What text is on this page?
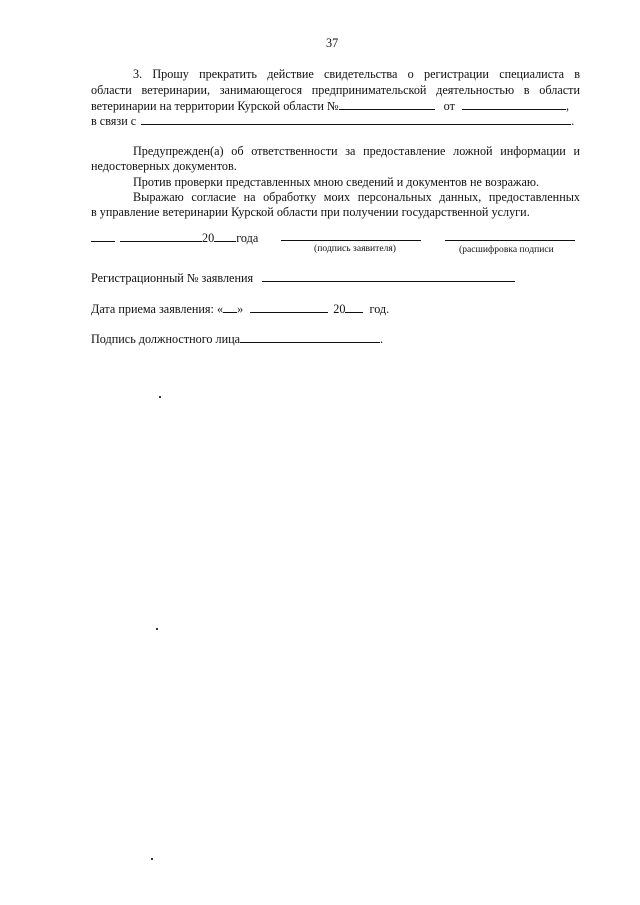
37
3. Прошу прекратить действие свидетельства о регистрации специалиста в
области ветеринарии, занимающегося предпринимательской деятельностью в области
ветеринарии на территории Курской области №	от	,
в связи с	.
Предупрежден(а) об ответственности за предоставление ложной информации и
недостоверных документов.
Против проверки представленных мною сведений и документов не возражаю.
Выражаю согласие на обработку моих персональных данных, предоставленных
в управление ветеринарии Курской области при получении государственной услуги.
20 года
(подпись заявителя)	(расшифровка подписи
Регистрационный № заявления
Дата приема заявления: « »	20 год.
Подпись должностного лица	.
